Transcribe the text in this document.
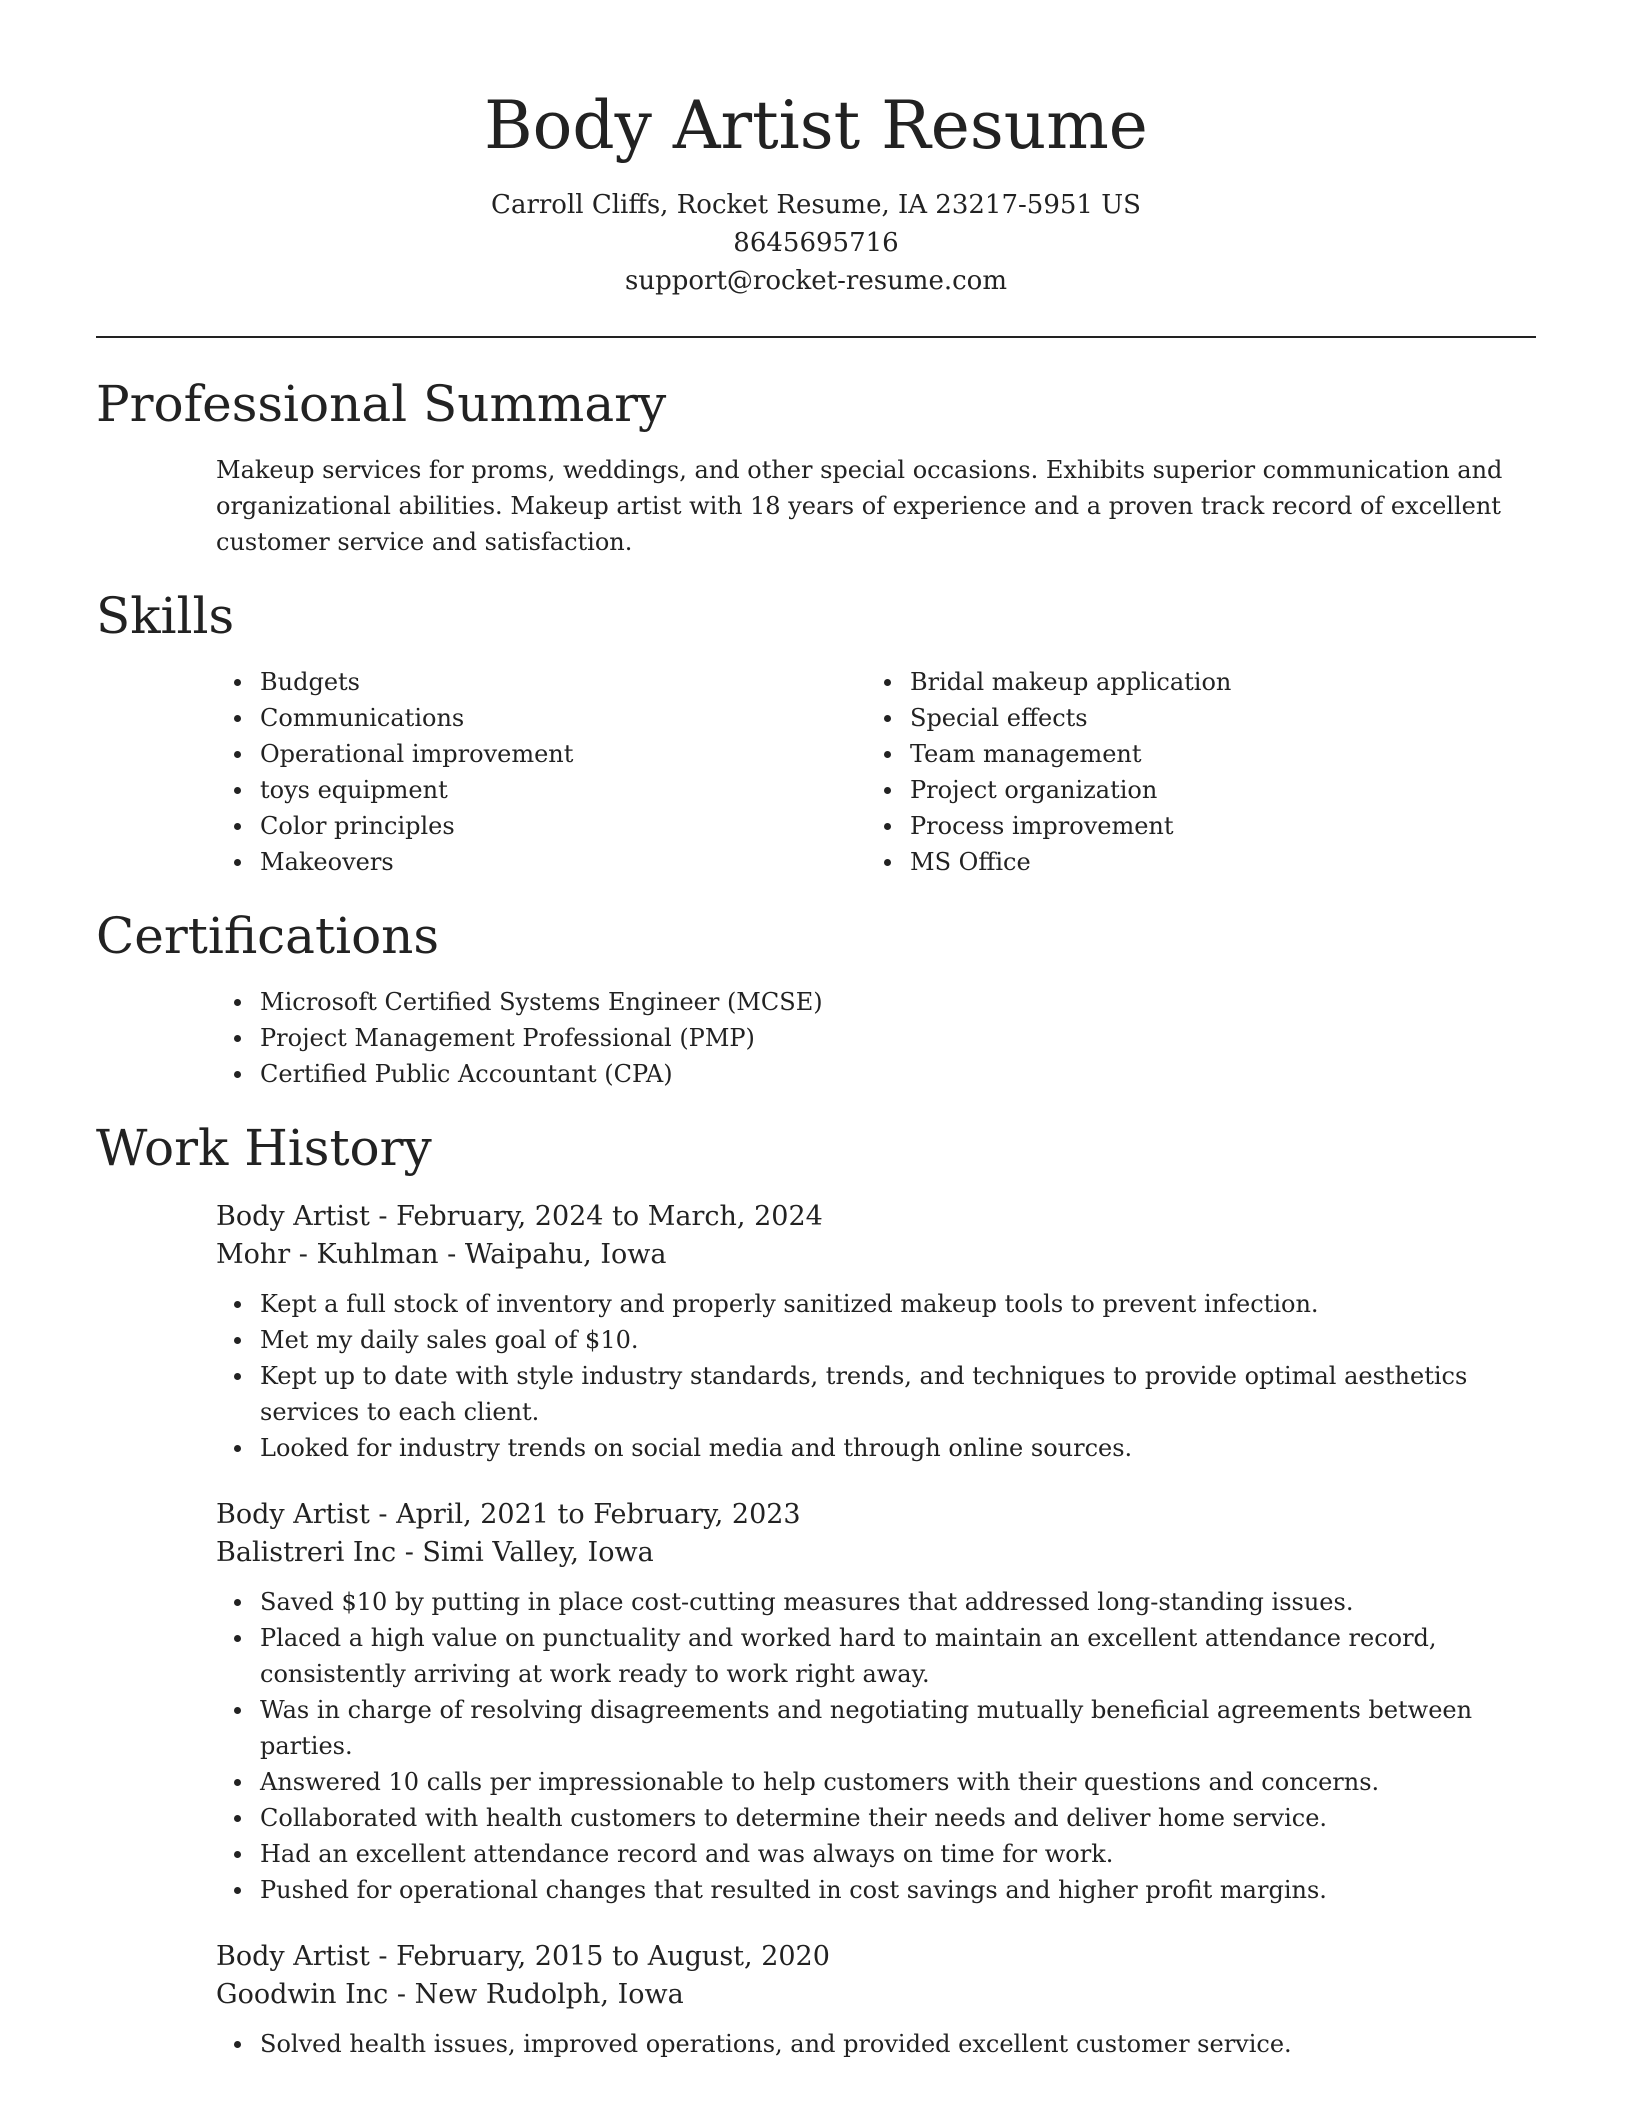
Body Artist Resume
Carroll Cliffs, Rocket Resume, IA 23217-5951 US
8645695716
support@rocket-resume.com
Professional Summary
Makeup services for proms, weddings, and other special occasions. Exhibits superior communication and organizational abilities. Makeup artist with 18 years of experience and a proven track record of excellent customer service and satisfaction.
Skills
Budgets
Communications
Operational improvement
toys equipment
Color principles
Makeovers
Bridal makeup application
Special effects
Team management
Project organization
Process improvement
MS Office
Certifications
Microsoft Certified Systems Engineer (MCSE)
Project Management Professional (PMP)
Certified Public Accountant (CPA)
Work History
Body Artist - February, 2024 to March, 2024
Mohr - Kuhlman - Waipahu, Iowa
Kept a full stock of inventory and properly sanitized makeup tools to prevent infection.
Met my daily sales goal of $10.
Kept up to date with style industry standards, trends, and techniques to provide optimal aesthetics services to each client.
Looked for industry trends on social media and through online sources.
Body Artist - April, 2021 to February, 2023
Balistreri Inc - Simi Valley, Iowa
Saved $10 by putting in place cost-cutting measures that addressed long-standing issues.
Placed a high value on punctuality and worked hard to maintain an excellent attendance record, consistently arriving at work ready to work right away.
Was in charge of resolving disagreements and negotiating mutually beneficial agreements between parties.
Answered 10 calls per impressionable to help customers with their questions and concerns.
Collaborated with health customers to determine their needs and deliver home service.
Had an excellent attendance record and was always on time for work.
Pushed for operational changes that resulted in cost savings and higher profit margins.
Body Artist - February, 2015 to August, 2020
Goodwin Inc - New Rudolph, Iowa
Solved health issues, improved operations, and provided excellent customer service.
